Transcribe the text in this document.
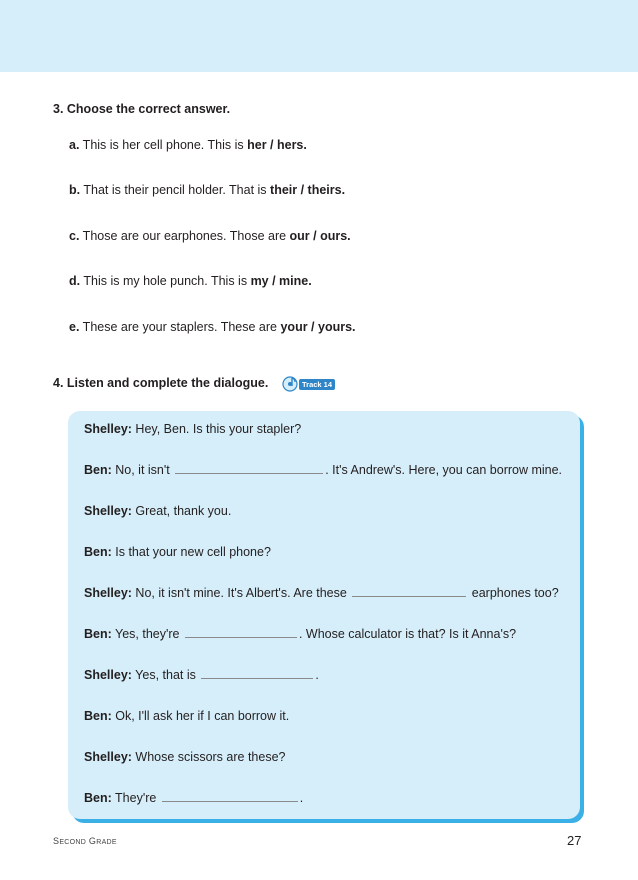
3. Choose the correct answer.
a. This is her cell phone. This is her / hers.
b. That is their pencil holder. That is their / theirs.
c. Those are our earphones. Those are our / ours.
d. This is my hole punch. This is my / mine.
e. These are your staplers. These are your / yours.
4. Listen and complete the dialogue.	Track 14
Shelley: Hey, Ben. Is this your stapler?
Ben: No, it isn't	. It's Andrew's. Here, you can borrow mine.
Shelley: Great, thank you.
Ben: Is that your new cell phone?
Shelley: No, it isn't mine. It's Albert's. Are these	earphones too?
Ben: Yes, they're	. Whose calculator is that? Is it Anna's?
Shelley: Yes, that is	.
Ben: Ok, I'll ask her if I can borrow it.
Shelley: Whose scissors are these?
Ben: They're	.
SECOND GRADE	27
